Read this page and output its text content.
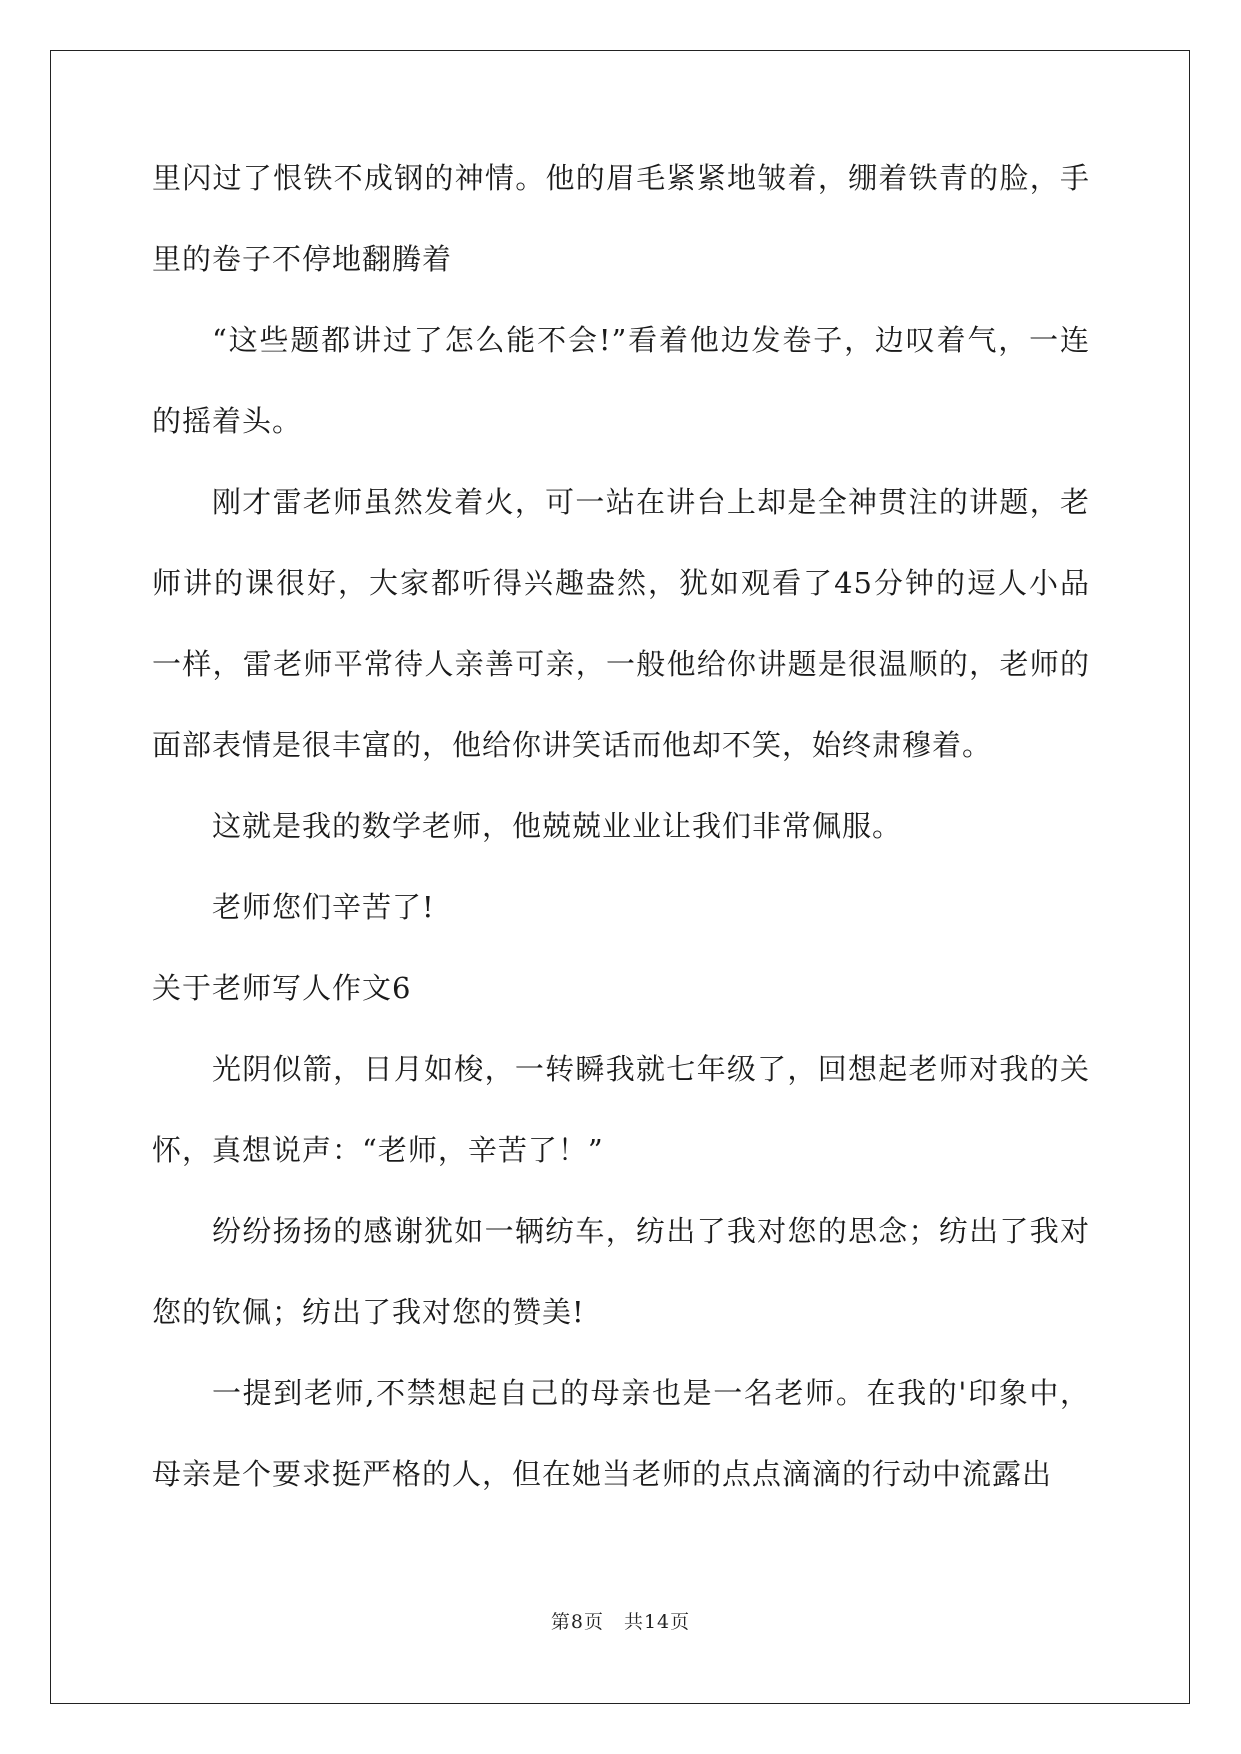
里闪过了恨铁不成钢的神情。他的眉毛紧紧地皱着，绷着铁青的脸，手里的卷子不停地翻腾着

“这些题都讲过了怎么能不会!”看着他边发卷子，边叹着气，一连的摇着头。

刚才雷老师虽然发着火，可一站在讲台上却是全神贯注的讲题，老师讲的课很好，大家都听得兴趣盎然，犹如观看了45分钟的逗人小品一样，雷老师平常待人亲善可亲，一般他给你讲题是很温顺的，老师的面部表情是很丰富的，他给你讲笑话而他却不笑，始终肃穆着。

这就是我的数学老师，他兢兢业业让我们非常佩服。

老师您们辛苦了!

关于老师写人作文6

光阴似箭，日月如梭，一转瞬我就七年级了，回想起老师对我的关怀，真想说声：“老师，辛苦了！”

纷纷扬扬的感谢犹如一辆纺车，纺出了我对您的思念；纺出了我对您的钦佩；纺出了我对您的赞美!

一提到老师,不禁想起自己的母亲也是一名老师。在我的'印象中，母亲是个要求挺严格的人，但在她当老师的点点滴滴的行动中流露出

第8页 共14页
